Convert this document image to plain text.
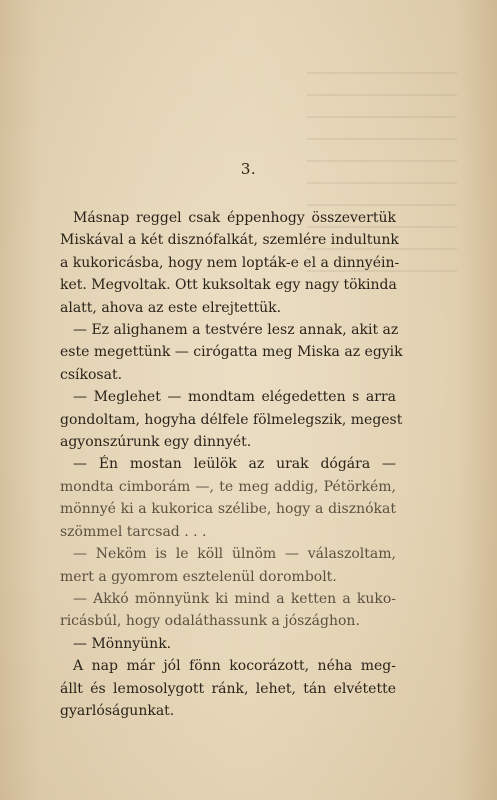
3.
Másnap reggel csak éppenhogy összevertük
Miskával a két disznófalkát, szemlére indultunk
a kukoricásba, hogy nem lopták-e el a dinnyéin-
ket. Megvoltak. Ott kuksoltak egy nagy tökinda
alatt, ahova az este elrejtettük.
— Ez alighanem a testvére lesz annak, akit az
este megettünk — cirógatta meg Miska az egyik
csíkosat.
— Meglehet — mondtam elégedetten s arra
gondoltam, hogyha délfele fölmelegszik, megest
agyonszúrunk egy dinnyét.
— Én mostan leülök az urak dógára —
mondta cimborám —, te meg addig, Pétörkém,
mönnyé ki a kukorica szélibe, hogy a disznókat
szömmel tarcsad . . .
— Neköm is le köll ülnöm — válaszoltam,
mert a gyomrom esztelenül dorombolt.
— Akkó mönnyünk ki mind a ketten a kuko-
ricásbúl, hogy odaláthassunk a jószághon.
— Mönnyünk.
A nap már jól fönn kocorázott, néha meg-
állt és lemosolygott ránk, lehet, tán elvétette
gyarlóságunkat.
